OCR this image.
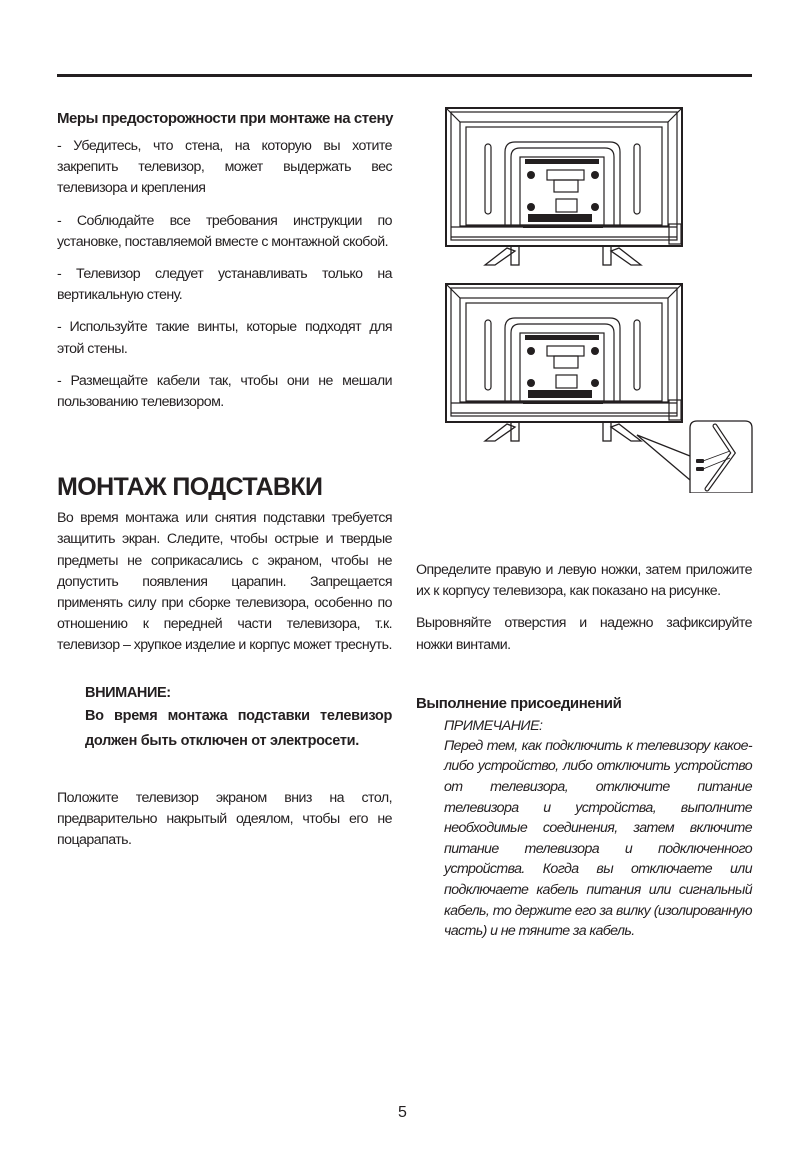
Меры предосторожности при монтаже на стену

- Убедитесь, что стена, на которую вы хотите закрепить телевизор, может выдержать вес телевизора и крепления

- Соблюдайте все требования инструкции по установке, поставляемой вместе с монтажной скобой.

- Телевизор следует устанавливать только на вертикальную стену.

- Используйте такие винты, которые подходят для этой стены.

- Размещайте кабели так, чтобы они не мешали пользованию телевизором.

МОНТАЖ ПОДСТАВКИ

Во время монтажа или снятия подставки требуется защитить экран. Следите, чтобы острые и твердые предметы не соприкасались с экраном, чтобы не допустить появления царапин. Запрещается применять силу при сборке телевизора, особенно по отношению к передней части телевизора, т.к. телевизор – хрупкое изделие и корпус может треснуть.

ВНИМАНИЕ:
Во время монтажа подставки телевизор должен быть отключен от электросети.

Положите телевизор экраном вниз на стол, предварительно накрытый одеялом, чтобы его не поцарапать.

Определите правую и левую ножки, затем приложите их к корпусу телевизора, как показано на рисунке.

Выровняйте отверстия и надежно зафиксируйте ножки винтами.

Выполнение присоединений
ПРИМЕЧАНИЕ:

Перед тем, как подключить к телевизору какое-либо устройство, либо отключить устройство от телевизора, отключите питание телевизора и устройства, выполните необходимые соединения, затем включите питание телевизора и подключенного устройства. Когда вы отключаете или подключаете кабель питания или сигнальный кабель, то держите его за вилку (изолированную часть) и не тяните за кабель.

5
